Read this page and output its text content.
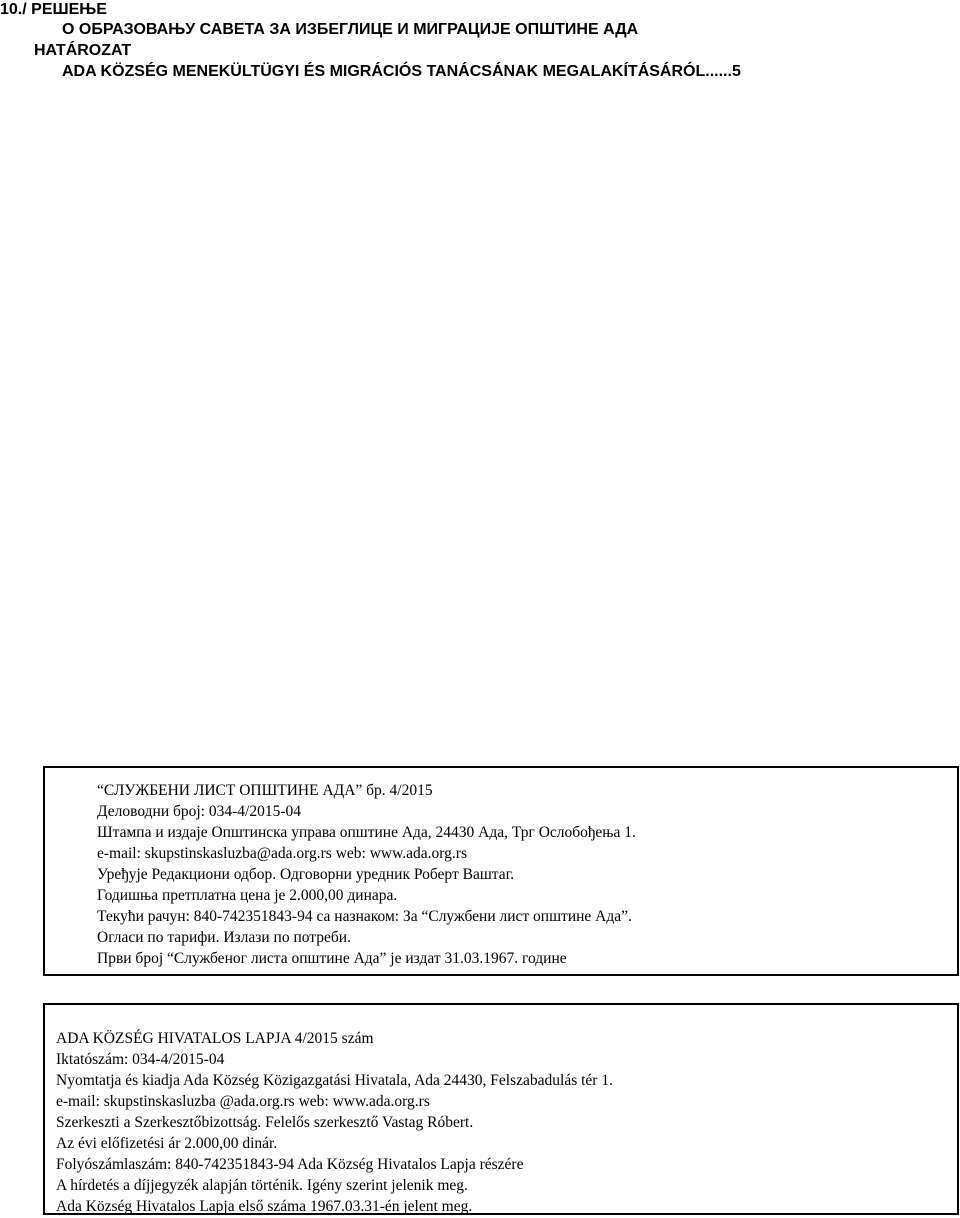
10./ РЕШЕЊЕ
О ОБРАЗОВАЊУ САВЕТА ЗА ИЗБЕГЛИЦЕ И МИГРАЦИЈЕ ОПШТИНЕ АДА
HATÁROZAT
ADA KÖZSÉG MENEKÜLTÜGYI ÉS MIGRÁCIÓS TANÁCSÁNAK MEGALAKÍTÁSÁRÓL......5
“СЛУЖБЕНИ ЛИСТ ОПШТИНЕ АДА” бр. 4/2015
Деловодни број: 034-4/2015-04
Штампа и издаје Општинска управа општине Ада, 24430 Ада, Трг Ослобођења 1.
e-mail: skupstinskasluzba@ada.org.rs web: www.ada.org.rs
Уређује Редакциони одбор. Одговорни уредник Роберт Ваштаг.
Годишња претплатна цена је 2.000,00 динара.
Текући рачун: 840-742351843-94 са назнаком: За “Службени лист општине Ада”.
Огласи по тарифи. Излази по потреби.
Први број “Службеног листа општине Ада” је издат 31.03.1967. године
ADA KÖZSÉG HIVATALOS LAPJA 4/2015 szám
Iktatószám: 034-4/2015-04
Nyomtatja és kiadja Ada Község Közigazgatási Hivatala, Ada 24430, Felszabadulás tér 1.
e-mail: skupstinskasluzba @ada.org.rs web: www.ada.org.rs
Szerkeszti a Szerkesztőbizottság. Felelős szerkesztő Vastag Róbert.
Az évi előfizetési ár 2.000,00 dinár.
Folyószámlaszám: 840-742351843-94 Ada Község Hivatalos Lapja részére
A hírdetés a díjjegyzék alapján történik. Igény szerint jelenik meg.
Ada Község Hivatalos Lapja első száma 1967.03.31-én jelent meg.
